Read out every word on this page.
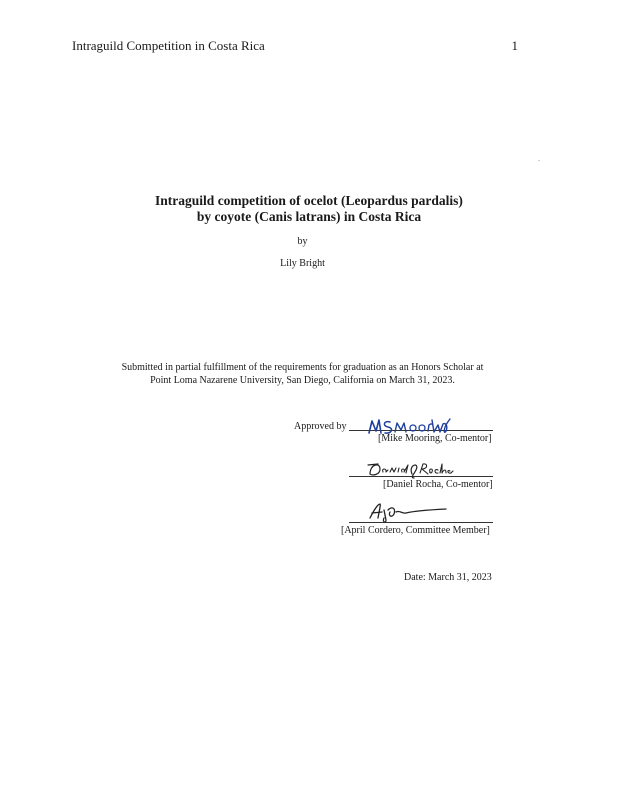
Intraguild Competition in Costa Rica	1
Intraguild competition of ocelot (Leopardus pardalis)
by coyote (Canis latrans) in Costa Rica
by
Lily Bright
Submitted in partial fulfillment of the requirements for graduation as an Honors Scholar at
Point Loma Nazarene University, San Diego, California on March 31, 2023.
Approved by
[Mike Mooring, Co-mentor]
[Daniel Rocha, Co-mentor]
[April Cordero, Committee Member]
Date: March 31, 2023
